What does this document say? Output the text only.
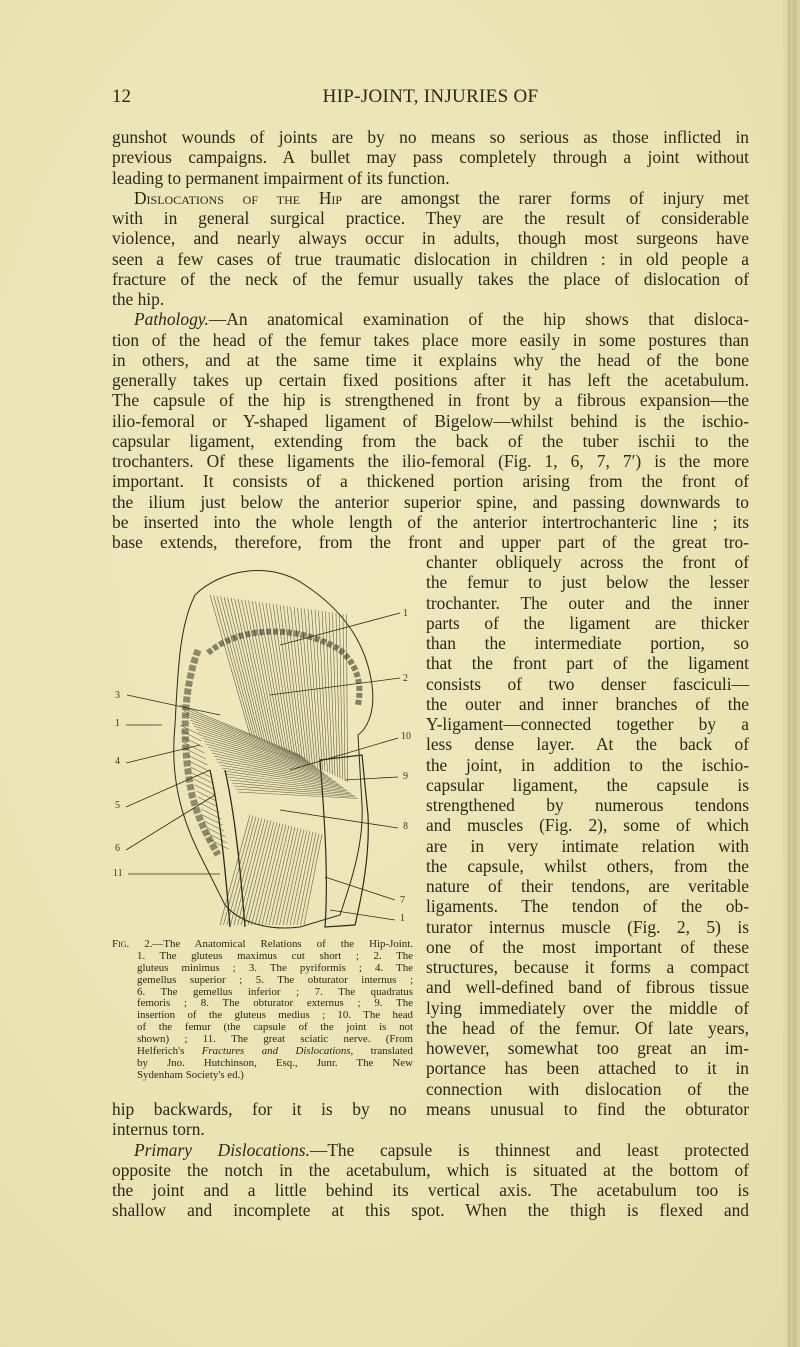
12	HIP-JOINT, INJURIES OF
gunshot wounds of joints are by no means so serious as those inflicted in
previous campaigns. A bullet may pass completely through a joint without
leading to permanent impairment of its function.
Dislocations of the Hip are amongst the rarer forms of injury met
with in general surgical practice. They are the result of considerable
violence, and nearly always occur in adults, though most surgeons have
seen a few cases of true traumatic dislocation in children : in old people a
fracture of the neck of the femur usually takes the place of dislocation of
the hip.
Pathology.—An anatomical examination of the hip shows that disloca-
tion of the head of the femur takes place more easily in some postures than
in others, and at the same time it explains why the head of the bone
generally takes up certain fixed positions after it has left the acetabulum.
The capsule of the hip is strengthened in front by a fibrous expansion—the
ilio-femoral or Y-shaped ligament of Bigelow—whilst behind is the ischio-
capsular ligament, extending from the back of the tuber ischii to the
trochanters. Of these ligaments the ilio-femoral (Fig. 1, 6, 7, 7′) is the more
important. It consists of a thickened portion arising from the front of
the ilium just below the anterior superior spine, and passing downwards to
be inserted into the whole length of the anterior intertrochanteric line ; its
base extends, therefore, from the front and upper part of the great tro-
1
2
3
1
10
4
9
5
8
6
11
7
1
chanter obliquely across the front of
the femur to just below the lesser
trochanter. The outer and the inner
parts of the ligament are thicker
than the intermediate portion, so
that the front part of the ligament
consists of two denser fasciculi—
the outer and inner branches of the
Y-ligament—connected together by a
less dense layer. At the back of
the joint, in addition to the ischio-
capsular ligament, the capsule is
strengthened by numerous tendons
and muscles (Fig. 2), some of which
are in very intimate relation with
the capsule, whilst others, from the
nature of their tendons, are veritable
ligaments. The tendon of the ob-
turator internus muscle (Fig. 2, 5) is
one of the most important of these
structures, because it forms a compact
and well-defined band of fibrous tissue
lying immediately over the middle of
the head of the femur. Of late years,
however, somewhat too great an im-
portance has been attached to it in
connection with dislocation of the
Fig. 2.—The Anatomical Relations of the Hip-Joint.
1. The gluteus maximus cut short ; 2. The
gluteus minimus ; 3. The pyriformis ; 4. The
gemellus superior ; 5. The obturator internus ;
6. The gemellus inferior ; 7. The quadratus
femoris ; 8. The obturator externus ; 9. The
insertion of the gluteus medius ; 10. The head
of the femur (the capsule of the joint is not
shown) ; 11. The great sciatic nerve. (From
Helferich's Fractures and Dislocations, translated
by Jno. Hutchinson, Esq., Junr. The New
Sydenham Society's ed.)
hip backwards, for it is by no means unusual to find the obturator
internus torn.
Primary Dislocations.—The capsule is thinnest and least protected
opposite the notch in the acetabulum, which is situated at the bottom of
the joint and a little behind its vertical axis. The acetabulum too is
shallow and incomplete at this spot. When the thigh is flexed and
